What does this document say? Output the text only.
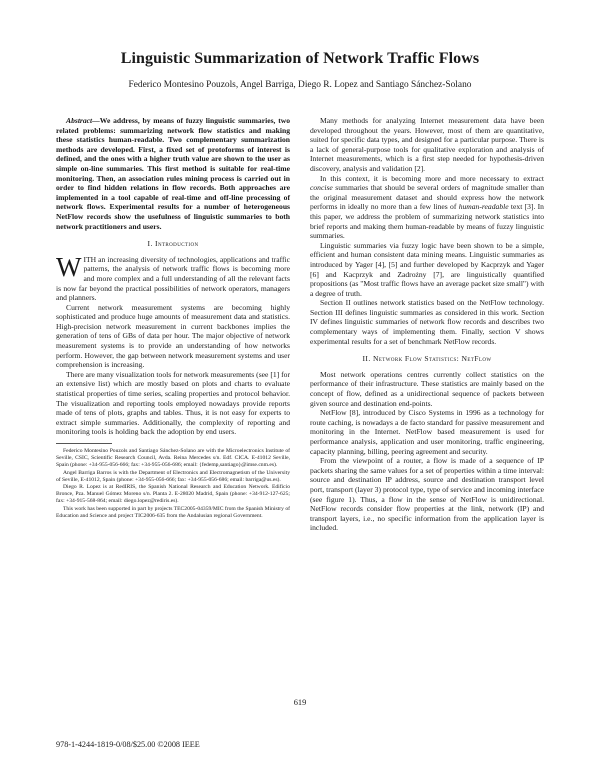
Linguistic Summarization of Network Traffic Flows
Federico Montesino Pouzols, Angel Barriga, Diego R. Lopez and Santiago Sánchez-Solano

Abstract—We address, by means of fuzzy linguistic summaries, two related problems: summarizing network flow statistics and making these statistics human-readable. Two complementary summarization methods are developed. First, a fixed set of protoforms of interest is defined, and the ones with a higher truth value are shown to the user as simple on-line summaries. This first method is suitable for real-time monitoring. Then, an association rules mining process is carried out in order to find hidden relations in flow records. Both approaches are implemented in a tool capable of real-time and off-line processing of network flows. Experimental results for a number of heterogeneous NetFlow records show the usefulness of linguistic summaries to both network practitioners and users.

I. Introduction

WITH an increasing diversity of technologies, applications and traffic patterns, the analysis of network traffic flows is becoming more and more complex and a full understanding of all the relevant facts is now far beyond the practical possibilities of network operators, managers and planners.

Current network measurement systems are becoming highly sophisticated and produce huge amounts of measurement data and statistics. High-precision network measurement in current backbones implies the generation of tens of GBs of data per hour. The major objective of network measurement systems is to provide an understanding of how networks perform. However, the gap between network measurement systems and user comprehension is increasing.

There are many visualization tools for network measurements (see [1] for an extensive list) which are mostly based on plots and charts to evaluate statistical properties of time series, scaling properties and protocol behavior. The visualization and reporting tools employed nowadays provide reports made of tens of plots, graphs and tables. Thus, it is not easy for experts to extract simple summaries. Additionally, the complexity of reporting and monitoring tools is holding back the adoption by end users.

Federico Montesino Pouzols and Santiago Sánchez-Solano are with the Microelectronics Institute of Seville, CSIC, Scientific Research Council, Avda. Reina Mercedes s/n. Edf. CICA. E-41012 Seville, Spain (phone: +34-955-056-666; fax: +34-955-056-686; email: {fedemp,santiago}@imse.cnm.es).

Angel Barriga Barros is with the Department of Electronics and Electromagnetism of the University of Seville, E-41012, Spain (phone: +34-955-056-666; fax: +34-955-056-686; email: barriga@us.es).

Diego R. Lopez is at RedIRIS, the Spanish National Research and Education Network. Edificio Bronce, Pza. Manuel Gómez Moreno s/n. Planta 2. E-28020 Madrid, Spain (phone: +34-912-127-625; fax: +34-915-568-864; email: diego.lopez@rediris.es).

This work has been supported in part by projects TEC2005-04359/MIC from the Spanish Ministry of Education and Science and project TIC2006-635 from the Andalusian regional Government.

Many methods for analyzing Internet measurement data have been developed throughout the years. However, most of them are quantitative, suited for specific data types, and designed for a particular purpose. There is a lack of general-purpose tools for qualitative exploration and analysis of Internet measurements, which is a first step needed for hypothesis-driven discovery, analysis and validation [2].

In this context, it is becoming more and more necessary to extract concise summaries that should be several orders of magnitude smaller than the original measurement dataset and should express how the network performs in ideally no more than a few lines of human-readable text [3]. In this paper, we address the problem of summarizing network statistics into brief reports and making them human-readable by means of fuzzy linguistic summaries.

Linguistic summaries via fuzzy logic have been shown to be a simple, efficient and human consistent data mining means. Linguistic summaries as introduced by Yager [4], [5] and further developed by Kacprzyk and Yager [6] and Kacprzyk and Zadrożny [7], are linguistically quantified propositions (as "Most traffic flows have an average packet size small") with a degree of truth.

Section II outlines network statistics based on the NetFlow technology. Section III defines linguistic summaries as considered in this work. Section IV defines linguistic summaries of network flow records and describes two complementary ways of implementing them. Finally, section V shows experimental results for a set of benchmark NetFlow records.

II. Network Flow Statistics: NetFlow

Most network operations centres currently collect statistics on the performance of their infrastructure. These statistics are mainly based on the concept of flow, defined as a unidirectional sequence of packets between given source and destination end-points.

NetFlow [8], introduced by Cisco Systems in 1996 as a technology for route caching, is nowadays a de facto standard for passive measurement and monitoring in the Internet. NetFlow based measurement is used for performance analysis, application and user monitoring, traffic engineering, capacity planning, billing, peering agreement and security.

From the viewpoint of a router, a flow is made of a sequence of IP packets sharing the same values for a set of properties within a time interval: source and destination IP address, source and destination transport level port, transport (layer 3) protocol type, type of service and incoming interface (see figure 1). Thus, a flow in the sense of NetFlow is unidirectional. NetFlow records consider flow properties at the link, network (IP) and transport layers, i.e., no specific information from the application layer is included.

619
978-1-4244-1819-0/08/$25.00 ©2008 IEEE
